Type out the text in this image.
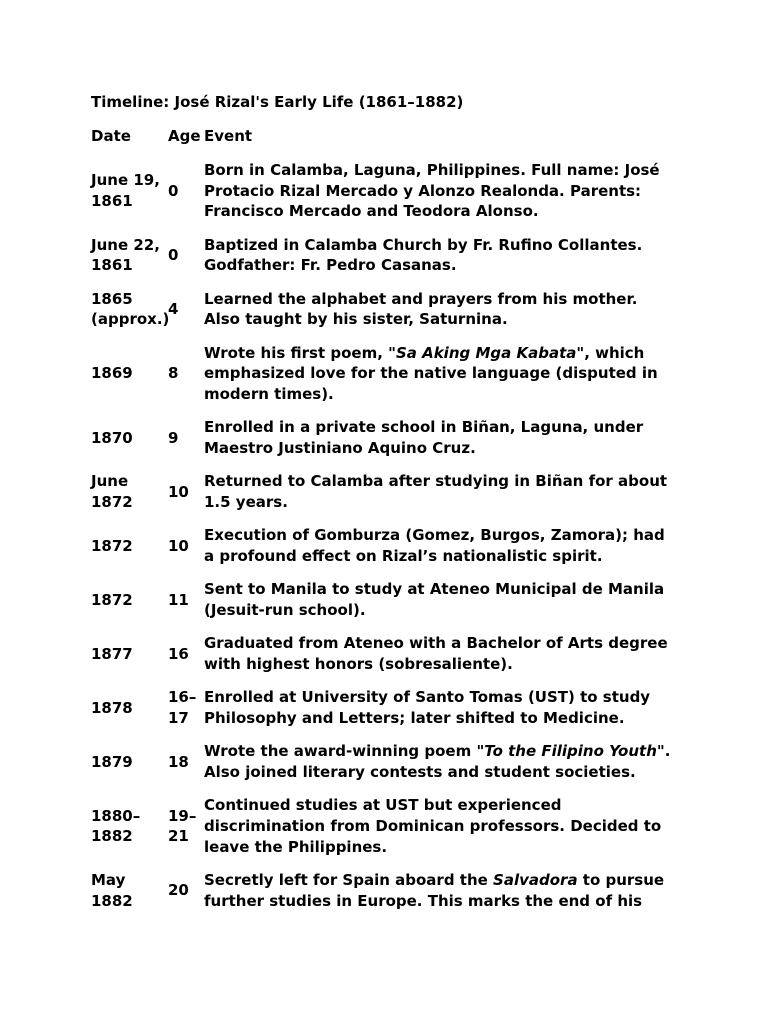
Timeline: José Rizal's Early Life (1861–1882)

Date	Age	Event
June 19, 1861	0	Born in Calamba, Laguna, Philippines. Full name: José Protacio Rizal Mercado y Alonzo Realonda. Parents: Francisco Mercado and Teodora Alonso.
June 22, 1861	0	Baptized in Calamba Church by Fr. Rufino Collantes. Godfather: Fr. Pedro Casanas.
1865 (approx.)	4	Learned the alphabet and prayers from his mother. Also taught by his sister, Saturnina.
1869	8	Wrote his first poem, "Sa Aking Mga Kabata", which emphasized love for the native language (disputed in modern times).
1870	9	Enrolled in a private school in Biñan, Laguna, under Maestro Justiniano Aquino Cruz.
June 1872	10	Returned to Calamba after studying in Biñan for about 1.5 years.
1872	10	Execution of Gomburza (Gomez, Burgos, Zamora); had a profound effect on Rizal’s nationalistic spirit.
1872	11	Sent to Manila to study at Ateneo Municipal de Manila (Jesuit-run school).
1877	16	Graduated from Ateneo with a Bachelor of Arts degree with highest honors (sobresaliente).
1878	16–17	Enrolled at University of Santo Tomas (UST) to study Philosophy and Letters; later shifted to Medicine.
1879	18	Wrote the award-winning poem "To the Filipino Youth". Also joined literary contests and student societies.
1880–1882	19–21	Continued studies at UST but experienced discrimination from Dominican professors. Decided to leave the Philippines.
May 1882	20	Secretly left for Spain aboard the Salvadora to pursue further studies in Europe. This marks the end of his
